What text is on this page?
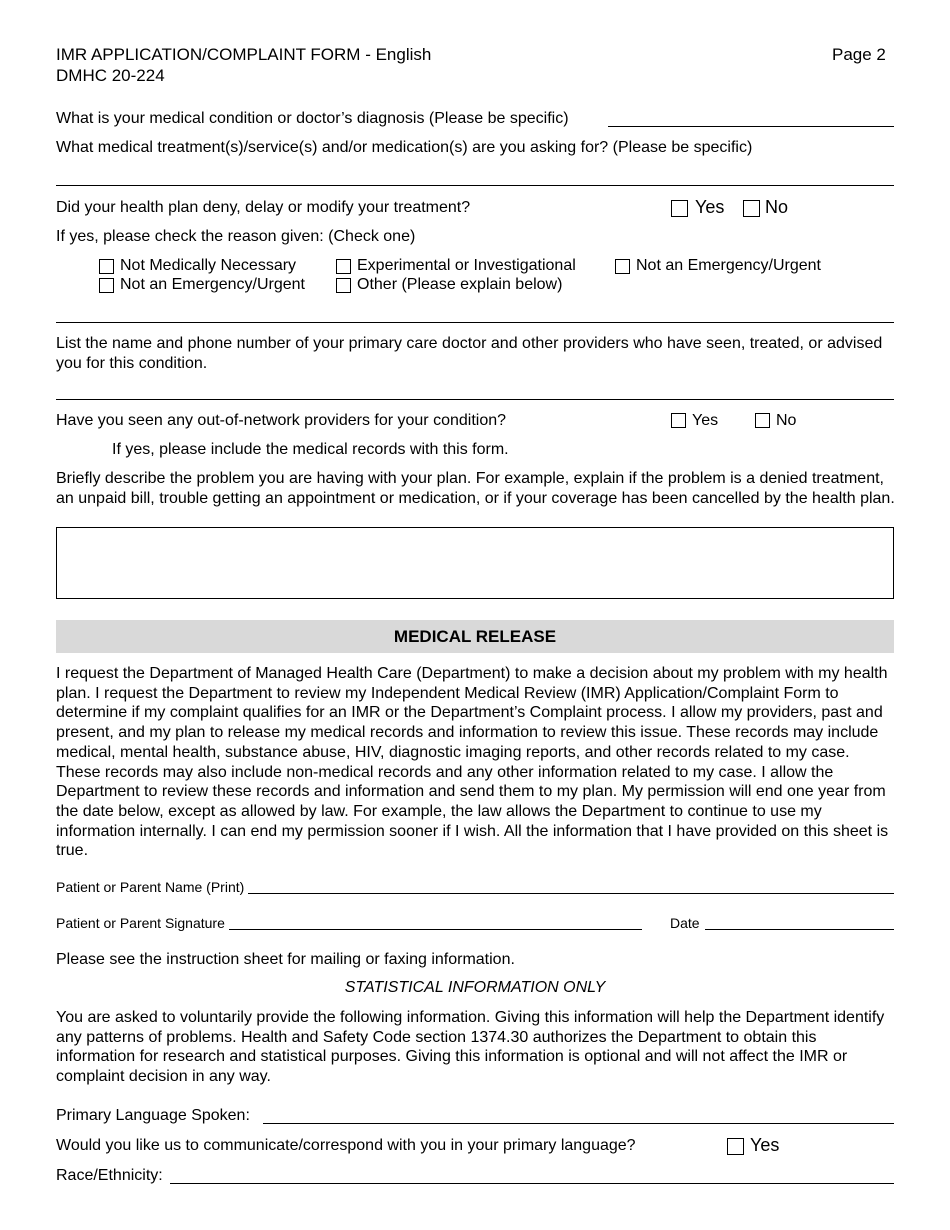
IMR APPLICATION/COMPLAINT FORM - English
DMHC 20-224
Page 2
What is your medical condition or doctor’s diagnosis (Please be specific)
What medical treatment(s)/service(s) and/or medication(s) are you asking for? (Please be specific)
Did your health plan deny, delay or modify your treatment?	Yes No
If yes, please check the reason given: (Check one)
Not Medically Necessary	Experimental or Investigational	Not an Emergency/Urgent
Not an Emergency/Urgent	Other (Please explain below)
List the name and phone number of your primary care doctor and other providers who have seen, treated, or advised you for this condition.
Have you seen any out-of-network providers for your condition?	Yes	No
If yes, please include the medical records with this form.
Briefly describe the problem you are having with your plan. For example, explain if the problem is a denied treatment, an unpaid bill, trouble getting an appointment or medication, or if your coverage has been cancelled by the health plan.
MEDICAL RELEASE
I request the Department of Managed Health Care (Department) to make a decision about my problem with my health plan. I request the Department to review my Independent Medical Review (IMR) Application/Complaint Form to determine if my complaint qualifies for an IMR or the Department’s Complaint process. I allow my providers, past and present, and my plan to release my medical records and information to review this issue. These records may include medical, mental health, substance abuse, HIV, diagnostic imaging reports, and other records related to my case. These records may also include non-medical records and any other information related to my case. I allow the Department to review these records and information and send them to my plan. My permission will end one year from the date below, except as allowed by law. For example, the law allows the Department to continue to use my information internally. I can end my permission sooner if I wish. All the information that I have provided on this sheet is true.
Patient or Parent Name (Print)
Patient or Parent Signature	Date
Please see the instruction sheet for mailing or faxing information.
STATISTICAL INFORMATION ONLY
You are asked to voluntarily provide the following information. Giving this information will help the Department identify any patterns of problems. Health and Safety Code section 1374.30 authorizes the Department to obtain this information for research and statistical purposes. Giving this information is optional and will not affect the IMR or complaint decision in any way.
Primary Language Spoken:
Would you like us to communicate/correspond with you in your primary language?	Yes
Race/Ethnicity:
